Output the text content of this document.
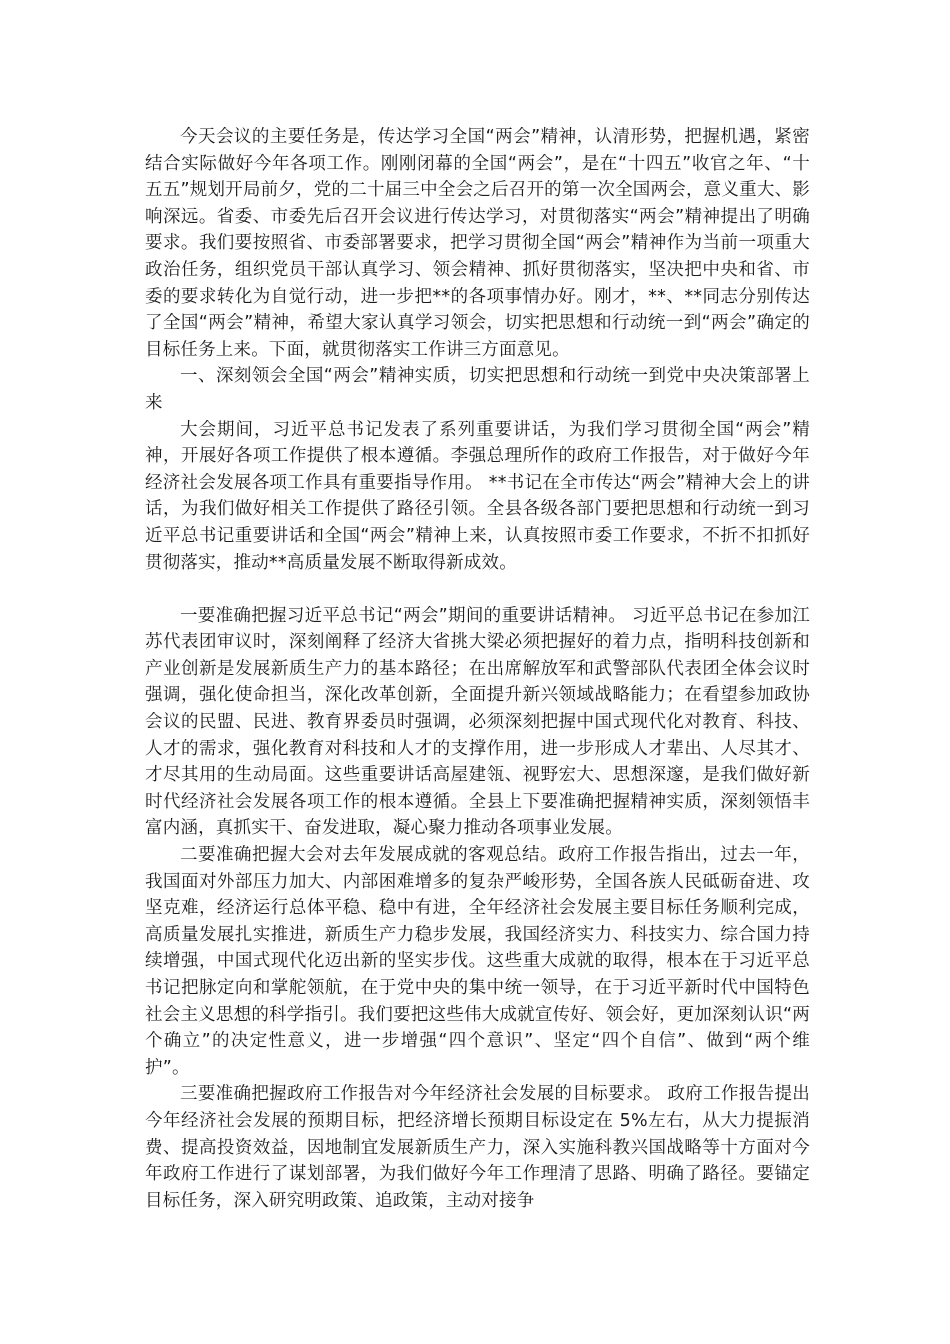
今天会议的主要任务是，传达学习全国“两会”精神，认清形势，把握机遇，紧密结合实际做好今年各项工作。刚刚闭幕的全国“两会”，是在“十四五”收官之年、“十五五”规划开局前夕，党的二十届三中全会之后召开的第一次全国两会，意义重大、影响深远。省委、市委先后召开会议进行传达学习，对贯彻落实“两会”精神提出了明确要求。我们要按照省、市委部署要求，把学习贯彻全国“两会”精神作为当前一项重大政治任务，组织党员干部认真学习、领会精神、抓好贯彻落实，坚决把中央和省、市委的要求转化为自觉行动，进一步把**的各项事情办好。刚才，**、**同志分别传达了全国“两会”精神，希望大家认真学习领会，切实把思想和行动统一到“两会”确定的目标任务上来。下面，就贯彻落实工作讲三方面意见。

一、深刻领会全国“两会”精神实质，切实把思想和行动统一到党中央决策部署上来

大会期间，习近平总书记发表了系列重要讲话，为我们学习贯彻全国“两会”精神，开展好各项工作提供了根本遵循。李强总理所作的政府工作报告，对于做好今年经济社会发展各项工作具有重要指导作用。 **书记在全市传达“两会”精神大会上的讲话，为我们做好相关工作提供了路径引领。全县各级各部门要把思想和行动统一到习近平总书记重要讲话和全国“两会”精神上来，认真按照市委工作要求，不折不扣抓好贯彻落实，推动**高质量发展不断取得新成效。

一要准确把握习近平总书记“两会”期间的重要讲话精神。 习近平总书记在参加江苏代表团审议时，深刻阐释了经济大省挑大梁必须把握好的着力点，指明科技创新和产业创新是发展新质生产力的基本路径；在出席解放军和武警部队代表团全体会议时强调，强化使命担当，深化改革创新，全面提升新兴领域战略能力；在看望参加政协会议的民盟、民进、教育界委员时强调，必须深刻把握中国式现代化对教育、科技、人才的需求，强化教育对科技和人才的支撑作用，进一步形成人才辈出、人尽其才、才尽其用的生动局面。这些重要讲话高屋建瓴、视野宏大、思想深邃，是我们做好新时代经济社会发展各项工作的根本遵循。全县上下要准确把握精神实质，深刻领悟丰富内涵，真抓实干、奋发进取，凝心聚力推动各项事业发展。

二要准确把握大会对去年发展成就的客观总结。政府工作报告指出，过去一年，我国面对外部压力加大、内部困难增多的复杂严峻形势，全国各族人民砥砺奋进、攻坚克难，经济运行总体平稳、稳中有进，全年经济社会发展主要目标任务顺利完成，高质量发展扎实推进，新质生产力稳步发展，我国经济实力、科技实力、综合国力持续增强，中国式现代化迈出新的坚实步伐。这些重大成就的取得，根本在于习近平总书记把脉定向和掌舵领航，在于党中央的集中统一领导，在于习近平新时代中国特色社会主义思想的科学指引。我们要把这些伟大成就宣传好、领会好，更加深刻认识“两个确立”的决定性意义，进一步增强“四个意识”、坚定“四个自信”、做到“两个维护”。

三要准确把握政府工作报告对今年经济社会发展的目标要求。 政府工作报告提出今年经济社会发展的预期目标，把经济增长预期目标设定在 5%左右，从大力提振消费、提高投资效益，因地制宜发展新质生产力，深入实施科教兴国战略等十方面对今年政府工作进行了谋划部署，为我们做好今年工作理清了思路、明确了路径。要锚定目标任务，深入研究明政策、追政策，主动对接争
